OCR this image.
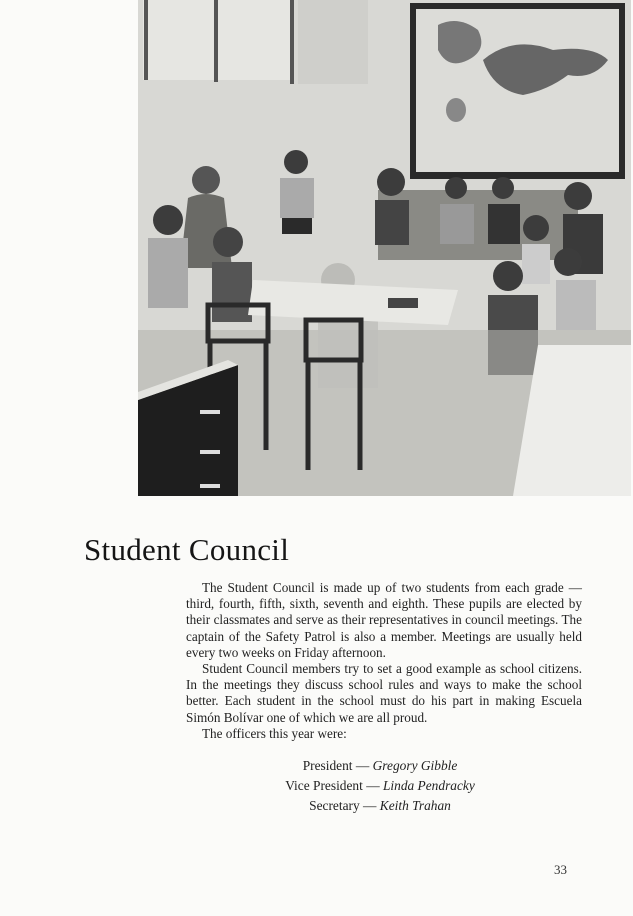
Student Council

The Student Council is made up of two students from each grade —third, fourth, fifth, sixth, seventh and eighth. These pupils are elected by their classmates and serve as their representatives in council meetings. The captain of the Safety Patrol is also a member. Meetings are usually held every two weeks on Friday afternoon.

Student Council members try to set a good example as school citizens. In the meetings they discuss school rules and ways to make the school better. Each student in the school must do his part in making Escuela Simón Bolívar one of which we are all proud.

The officers this year were:

President — Gregory Gibble
Vice President — Linda Pendracky
Secretary — Keith Trahan
33
